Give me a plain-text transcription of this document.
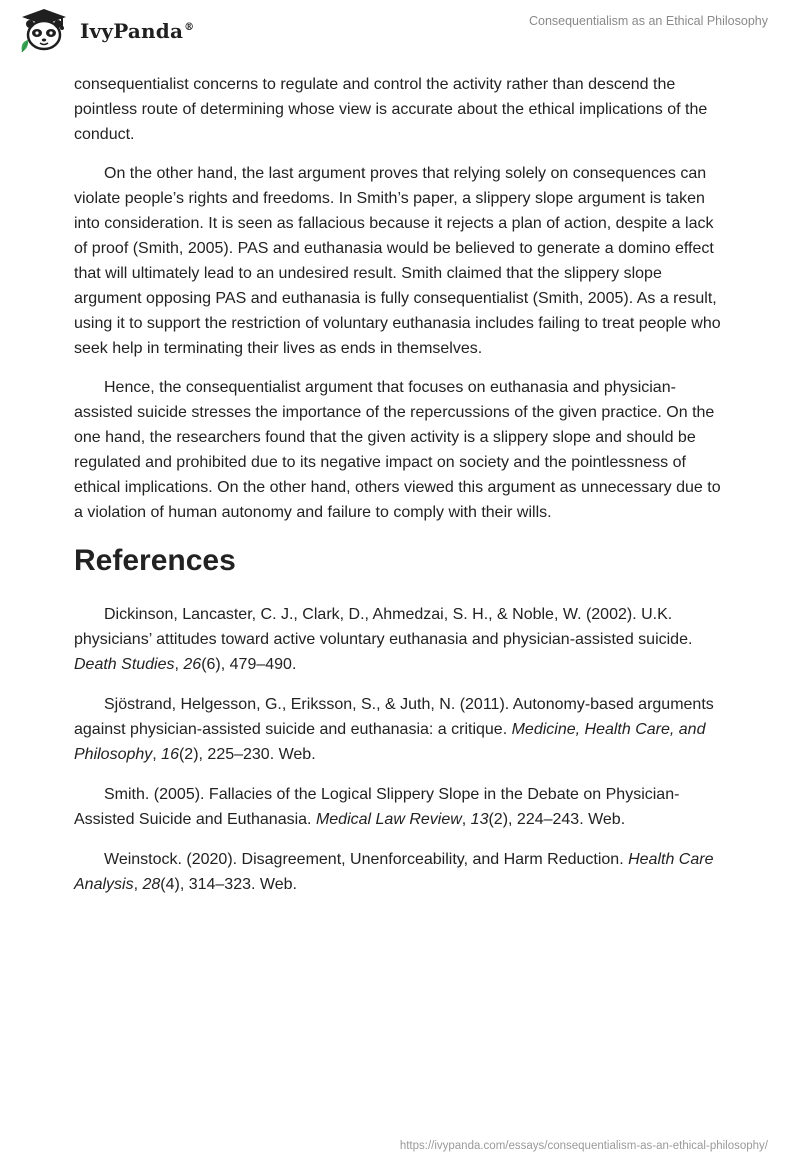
IvyPanda®	Consequentialism as an Ethical Philosophy

consequentialist concerns to regulate and control the activity rather than descend the pointless route of determining whose view is accurate about the ethical implications of the conduct.

On the other hand, the last argument proves that relying solely on consequences can violate people’s rights and freedoms. In Smith’s paper, a slippery slope argument is taken into consideration. It is seen as fallacious because it rejects a plan of action, despite a lack of proof (Smith, 2005). PAS and euthanasia would be believed to generate a domino effect that will ultimately lead to an undesired result. Smith claimed that the slippery slope argument opposing PAS and euthanasia is fully consequentialist (Smith, 2005). As a result, using it to support the restriction of voluntary euthanasia includes failing to treat people who seek help in terminating their lives as ends in themselves.

Hence, the consequentialist argument that focuses on euthanasia and physician-assisted suicide stresses the importance of the repercussions of the given practice. On the one hand, the researchers found that the given activity is a slippery slope and should be regulated and prohibited due to its negative impact on society and the pointlessness of ethical implications. On the other hand, others viewed this argument as unnecessary due to a violation of human autonomy and failure to comply with their wills.

References

Dickinson, Lancaster, C. J., Clark, D., Ahmedzai, S. H., & Noble, W. (2002). U.K. physicians’ attitudes toward active voluntary euthanasia and physician-assisted suicide. Death Studies, 26(6), 479–490.

Sjöstrand, Helgesson, G., Eriksson, S., & Juth, N. (2011). Autonomy-based arguments against physician-assisted suicide and euthanasia: a critique. Medicine, Health Care, and Philosophy, 16(2), 225–230. Web.

Smith. (2005). Fallacies of the Logical Slippery Slope in the Debate on Physician-Assisted Suicide and Euthanasia. Medical Law Review, 13(2), 224–243. Web.

Weinstock. (2020). Disagreement, Unenforceability, and Harm Reduction. Health Care Analysis, 28(4), 314–323. Web.

https://ivypanda.com/essays/consequentialism-as-an-ethical-philosophy/
